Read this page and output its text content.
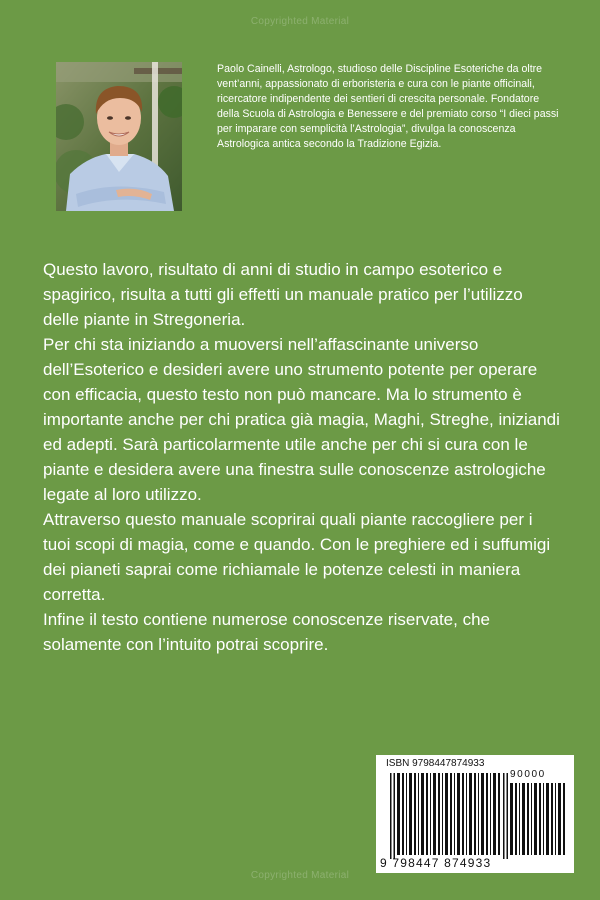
Copyrighted Material

Paolo Cainelli, Astrologo, studioso delle Discipline Esoteriche da oltre vent’anni, appassionato di erboristeria e cura con le piante officinali, ricercatore indipendente dei sentieri di crescita personale. Fondatore della Scuola di Astrologia e Benessere e del premiato corso “I dieci passi per imparare con semplicità l’Astrologia”, divulga la conoscenza Astrologica antica secondo la Tradizione Egizia.

Questo lavoro, risultato di anni di studio in campo esoterico e spagirico, risulta a tutti gli effetti un manuale pratico per l’utilizzo delle piante in Stregoneria.

Per chi sta iniziando a muoversi nell’affascinante universo dell’Esoterico e desideri avere uno strumento potente per operare con efficacia, questo testo non può mancare. Ma lo strumento è importante anche per chi pratica già magia, Maghi, Streghe, iniziandi ed adepti. Sarà particolarmente utile anche per chi si cura con le piante e desidera avere una finestra sulle conoscenze astrologiche legate al loro utilizzo.

Attraverso questo manuale scoprirai quali piante raccogliere per i tuoi scopi di magia, come e quando. Con le preghiere ed i suffumigi dei pianeti saprai come richiamale le potenze celesti in maniera corretta.

Infine il testo contiene numerose conoscenze riservate, che solamente con l’intuito potrai scoprire.

ISBN 9798447874933
90000
9 798447 874933
Copyrighted Material
